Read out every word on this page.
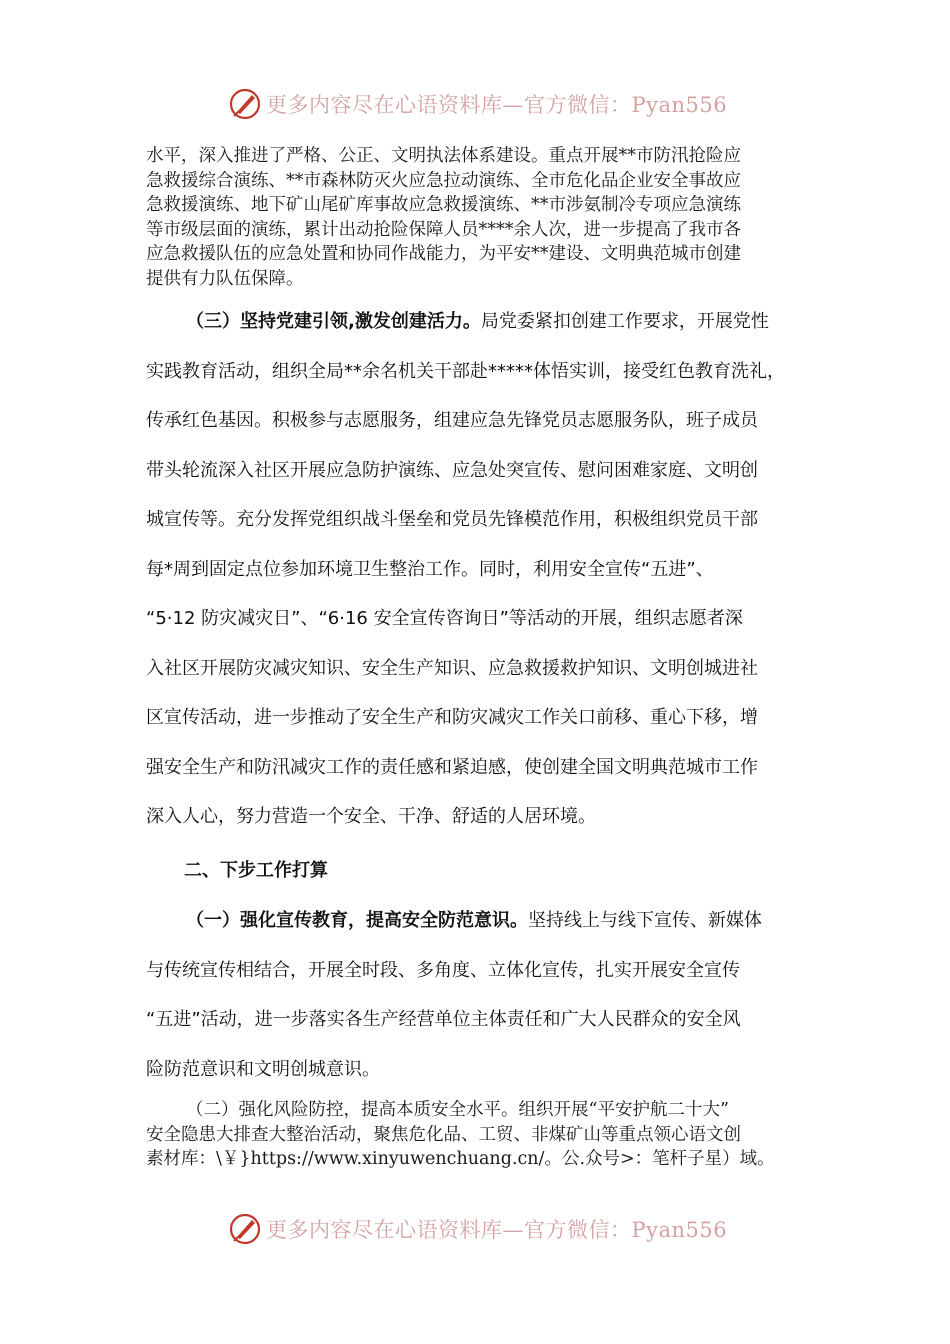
更多内容尽在心语资料库—官方微信：Pyan556

水平，深入推进了严格、公正、文明执法体系建设。重点开展**市防汛抢险应

急救援综合演练、**市森林防灭火应急拉动演练、全市危化品企业安全事故应

急救援演练、地下矿山尾矿库事故应急救援演练、**市涉氨制冷专项应急演练

等市级层面的演练，累计出动抢险保障人员****余人次，进一步提高了我市各

应急救援队伍的应急处置和协同作战能力，为平安**建设、文明典范城市创建

提供有力队伍保障。

（三）坚持党建引领,激发创建活力。局党委紧扣创建工作要求，开展党性

实践教育活动，组织全局**余名机关干部赴*****体悟实训，接受红色教育洗礼，

传承红色基因。积极参与志愿服务，组建应急先锋党员志愿服务队，班子成员

带头轮流深入社区开展应急防护演练、应急处突宣传、慰问困难家庭、文明创

城宣传等。充分发挥党组织战斗堡垒和党员先锋模范作用，积极组织党员干部

每*周到固定点位参加环境卫生整治工作。同时，利用安全宣传“五进”、

“5·12 防灾减灾日”、“6·16 安全宣传咨询日”等活动的开展，组织志愿者深

入社区开展防灾减灾知识、安全生产知识、应急救援救护知识、文明创城进社

区宣传活动，进一步推动了安全生产和防灾减灾工作关口前移、重心下移，增

强安全生产和防汛减灾工作的责任感和紧迫感，使创建全国文明典范城市工作

深入人心，努力营造一个安全、干净、舒适的人居环境。

二、下步工作打算

（一）强化宣传教育，提高安全防范意识。坚持线上与线下宣传、新媒体

与传统宣传相结合，开展全时段、多角度、立体化宣传，扎实开展安全宣传

“五进”活动，进一步落实各生产经营单位主体责任和广大人民群众的安全风

险防范意识和文明创城意识。

（二）强化风险防控，提高本质安全水平。组织开展“平安护航二十大”

安全隐患大排查大整治活动，聚焦危化品、工贸、非煤矿山等重点领心语文创

素材库：\￥}https://www.xinyuwenchuang.cn/。公.众号>：笔杆子星）域。

更多内容尽在心语资料库—官方微信：Pyan556
